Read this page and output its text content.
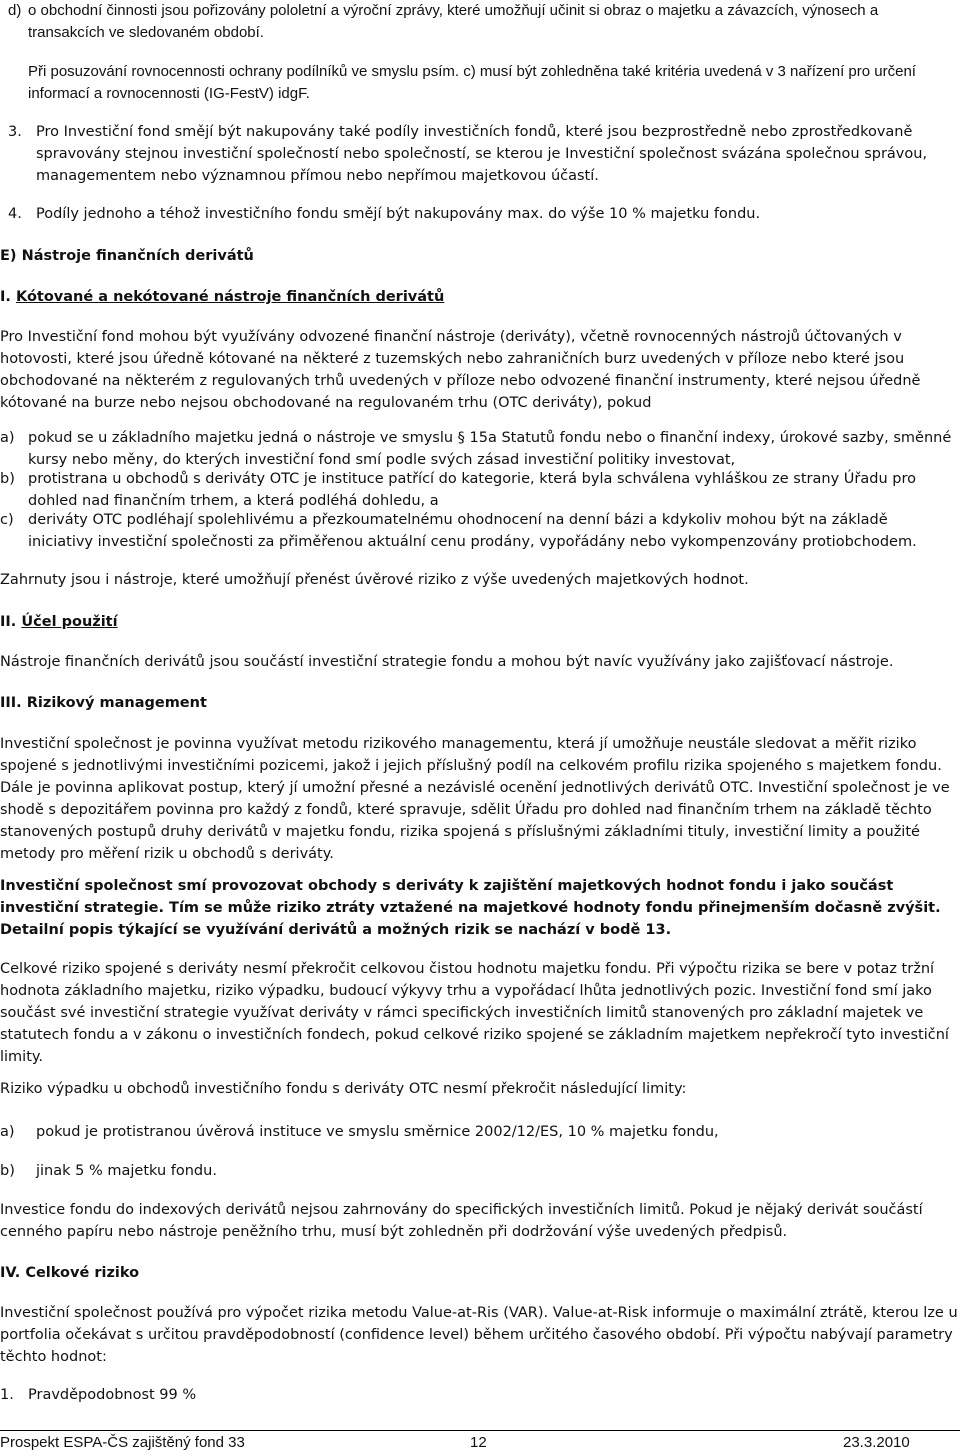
d) o obchodní činnosti jsou pořizovány pololetní a výroční zprávy, které umožňují učinit si obraz o majetku a závazcích, výnosech a transakcích ve sledovaném období.
Při posuzování rovnocennosti ochrany podílníků ve smyslu psím. c) musí být zohledněna také kritéria uvedená v 3 nařízení pro určení informací a rovnocennosti (IG-FestV) idgF.
3. Pro Investiční fond smějí být nakupovány také podíly investičních fondů, které jsou bezprostředně nebo zprostředkovaně spravovány stejnou investiční společností nebo společností, se kterou je Investiční společnost svázána společnou správou, managementem nebo významnou přímou nebo nepřímou majetkovou účastí.
4. Podíly jednoho a téhož investičního fondu smějí být nakupovány max. do výše 10 % majetku fondu.
E) Nástroje finančních derivátů
I. Kótované a nekótované nástroje finančních derivátů
Pro Investiční fond mohou být využívány odvozené finanční nástroje (deriváty), včetně rovnocenných nástrojů účtovaných v hotovosti, které jsou úředně kótované na některé z tuzemských nebo zahraničních burz uvedených v příloze nebo které jsou obchodované na některém z regulovaných trhů uvedených v příloze nebo odvozené finanční instrumenty, které nejsou úředně kótované na burze nebo nejsou obchodované na regulovaném trhu (OTC deriváty), pokud
a) pokud se u základního majetku jedná o nástroje ve smyslu § 15a Statutů fondu nebo o finanční indexy, úrokové sazby, směnné kursy nebo měny, do kterých investiční fond smí podle svých zásad investiční politiky investovat,
b) protistrana u obchodů s deriváty OTC je instituce patřící do kategorie, která byla schválena vyhláškou ze strany Úřadu pro dohled nad finančním trhem, a která podléhá dohledu, a
c) deriváty OTC podléhají spolehlivému a přezkoumatelnému ohodnocení na denní bázi a kdykoliv mohou být na základě iniciativy investiční společnosti za přiměřenou aktuální cenu prodány, vypořádány nebo vykompenzovány protiobchodem.
Zahrnuty jsou i nástroje, které umožňují přenést úvěrové riziko z výše uvedených majetkových hodnot.
II. Účel použití
Nástroje finančních derivátů jsou součástí investiční strategie fondu a mohou být navíc využívány jako zajišťovací nástroje.
III. Rizikový management
Investiční společnost je povinna využívat metodu rizikového managementu, která jí umožňuje neustále sledovat a měřit riziko spojené s jednotlivými investičními pozicemi, jakož i jejich příslušný podíl na celkovém profilu rizika spojeného s majetkem fondu. Dále je povinna aplikovat postup, který jí umožní přesné a nezávislé ocenění jednotlivých derivátů OTC. Investiční společnost je ve shodě s depozitářem povinna pro každý z fondů, které spravuje, sdělit Úřadu pro dohled nad finančním trhem na základě těchto stanovených postupů druhy derivátů v majetku fondu, rizika spojená s příslušnými základními tituly, investiční limity a použité metody pro měření rizik u obchodů s deriváty.
Investiční společnost smí provozovat obchody s deriváty k zajištění majetkových hodnot fondu i jako součást investiční strategie. Tím se může riziko ztráty vztažené na majetkové hodnoty fondu přinejmenším dočasně zvýšit. Detailní popis týkající se využívání derivátů a možných rizik se nachází v bodě 13.
Celkové riziko spojené s deriváty nesmí překročit celkovou čistou hodnotu majetku fondu. Při výpočtu rizika se bere v potaz tržní hodnota základního majetku, riziko výpadku, budoucí výkyvy trhu a vypořádací lhůta jednotlivých pozic. Investiční fond smí jako součást své investiční strategie využívat deriváty v rámci specifických investičních limitů stanovených pro základní majetek ve statutech fondu a v zákonu o investičních fondech, pokud celkové riziko spojené se základním majetkem nepřekročí tyto investiční limity.
Riziko výpadku u obchodů investičního fondu s deriváty OTC nesmí překročit následující limity:
a) pokud je protistranou úvěrová instituce ve smyslu směrnice 2002/12/ES, 10 % majetku fondu,
b) jinak 5 % majetku fondu.
Investice fondu do indexových derivátů nejsou zahrnovány do specifických investičních limitů. Pokud je nějaký derivát součástí cenného papíru nebo nástroje peněžního trhu, musí být zohledněn při dodržování výše uvedených předpisů.
IV. Celkové riziko
Investiční společnost používá pro výpočet rizika metodu Value-at-Ris (VAR). Value-at-Risk informuje o maximální ztrátě, kterou lze u portfolia očekávat s určitou pravděpodobností (confidence level) během určitého časového období. Při výpočtu nabývají parametry těchto hodnot:
1. Pravděpodobnost 99 %
Prospekt ESPA-ČS zajištěný fond 33	12	23.3.2010
